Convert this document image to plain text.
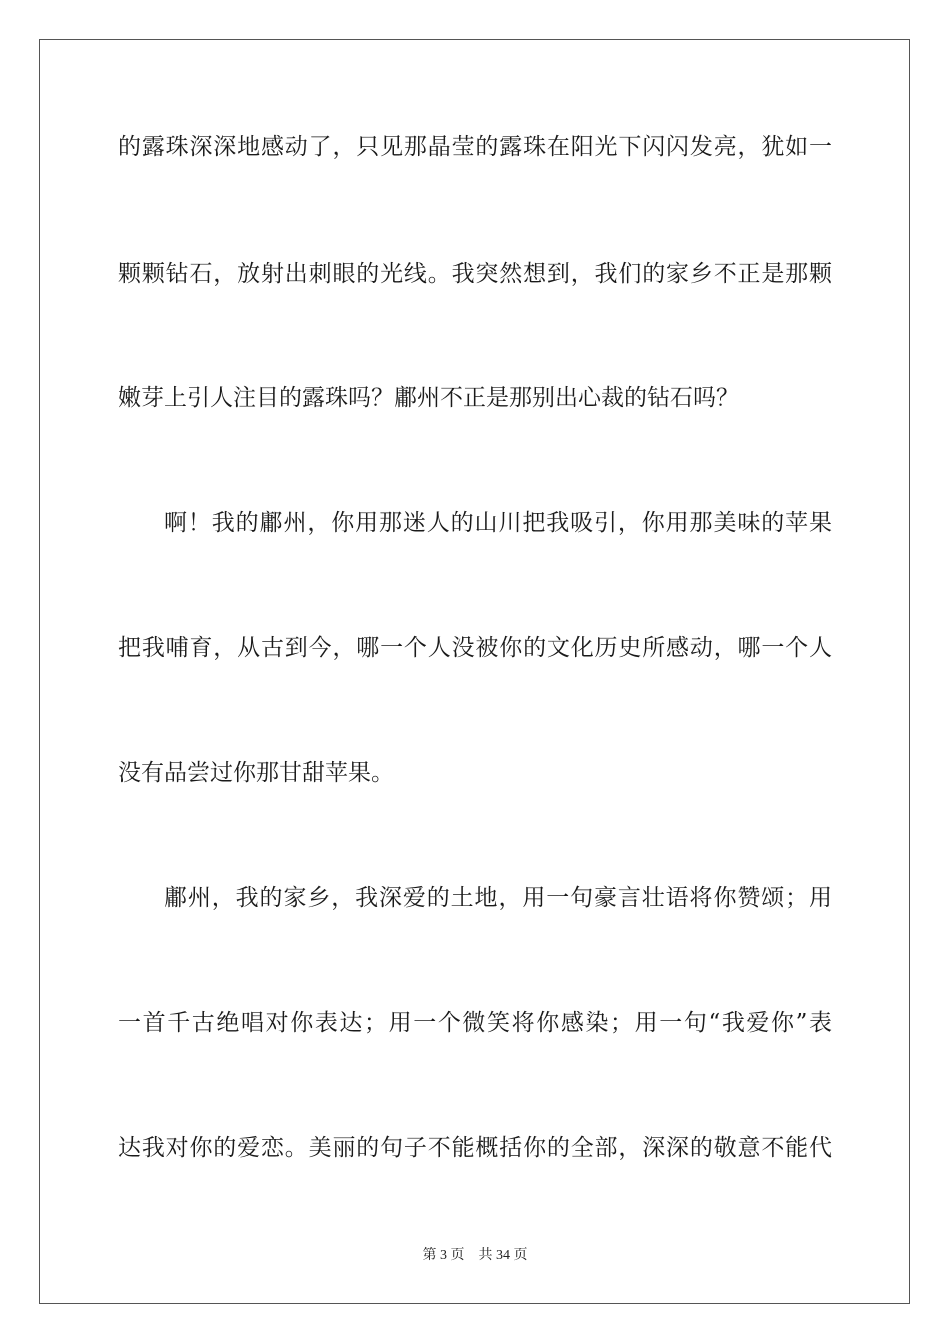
的露珠深深地感动了，只见那晶莹的露珠在阳光下闪闪发亮，犹如一
颗颗钻石，放射出刺眼的光线。我突然想到，我们的家乡不正是那颗
嫩芽上引人注目的露珠吗？鄘州不正是那别出心裁的钻石吗？
啊！我的鄘州，你用那迷人的山川把我吸引，你用那美味的苹果
把我哺育，从古到今，哪一个人没被你的文化历史所感动，哪一个人
没有品尝过你那甘甜苹果。
鄘州，我的家乡，我深爱的土地，用一句豪言壮语将你赞颂；用
一首千古绝唱对你表达；用一个微笑将你感染；用一句“我爱你”表
达我对你的爱恋。美丽的句子不能概括你的全部，深深的敬意不能代
第 3 页 共 34 页
